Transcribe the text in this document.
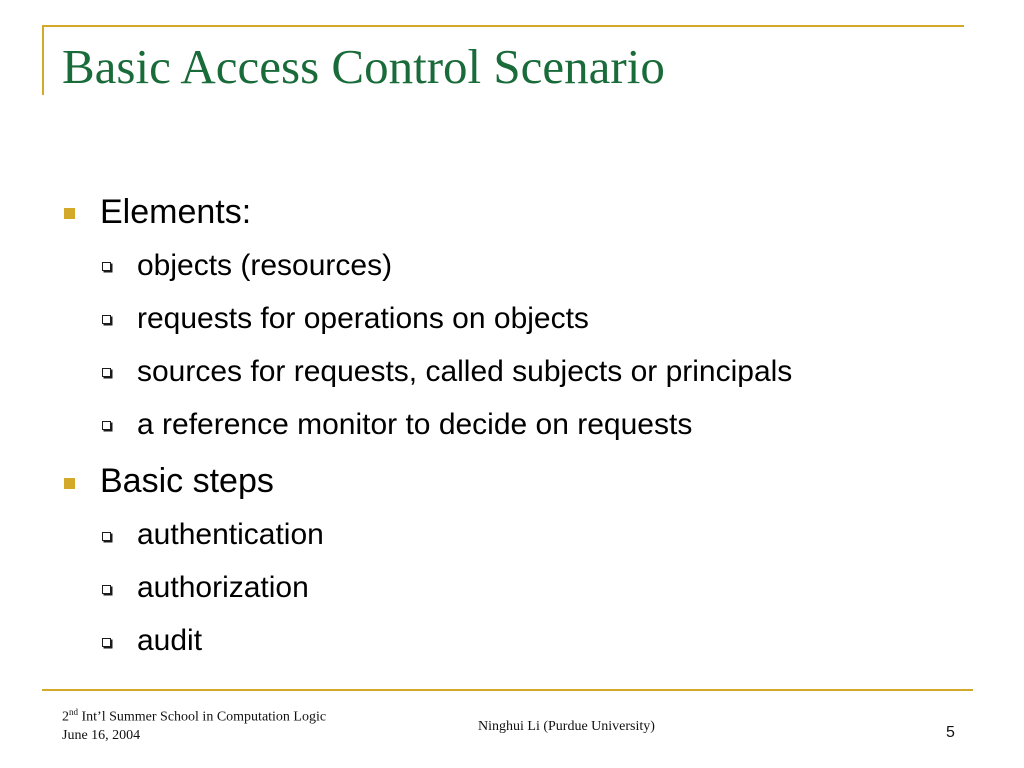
Basic Access Control Scenario
Elements:
objects (resources)
requests for operations on objects
sources for requests, called subjects or principals
a reference monitor to decide on requests
Basic steps
authentication
authorization
audit
2nd Int’l Summer School in Computation Logic
June 16, 2004
Ninghui Li (Purdue University)	5
